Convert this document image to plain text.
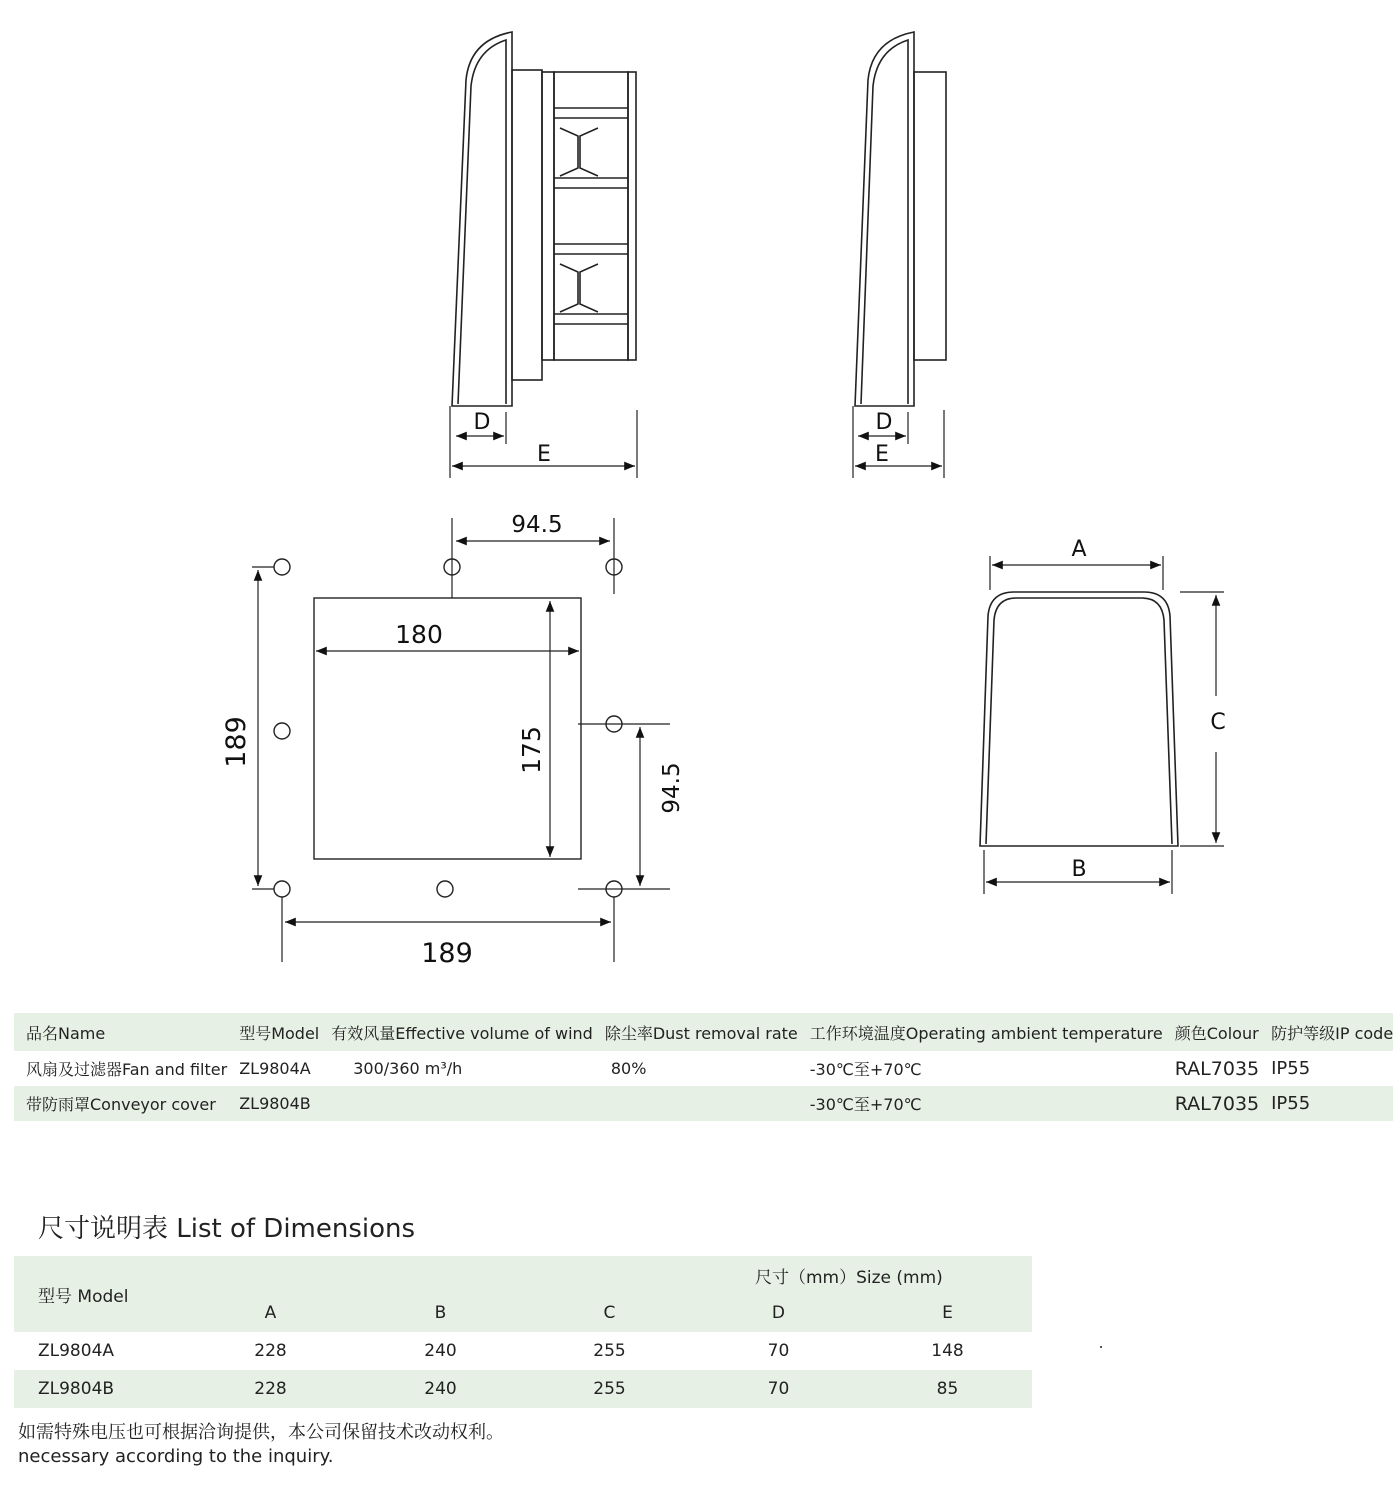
D
E
D
E
94.5
180
175
189
94.5
189
A
B
C
品名Name	型号Model	有效风量Effective volume of wind	除尘率Dust removal rate	工作环境温度Operating ambient temperature	颜色Colour	防护等级IP code
风扇及过滤器Fan and filter	ZL9804A	300/360 m³/h	80%	-30℃至+70℃	RAL7035	IP55
带防雨罩Conveyor cover	ZL9804B			-30℃至+70℃	RAL7035	IP55
尺寸说明表 List of Dimensions
型号 Model	尺寸（mm）Size (mm)				
	A	B	C	D	E
ZL9804A	228	240	255	70	148
ZL9804B	228	240	255	70	85

如需特殊电压也可根据洽询提供，本公司保留技术改动权利。

necessary according to the inquiry.
